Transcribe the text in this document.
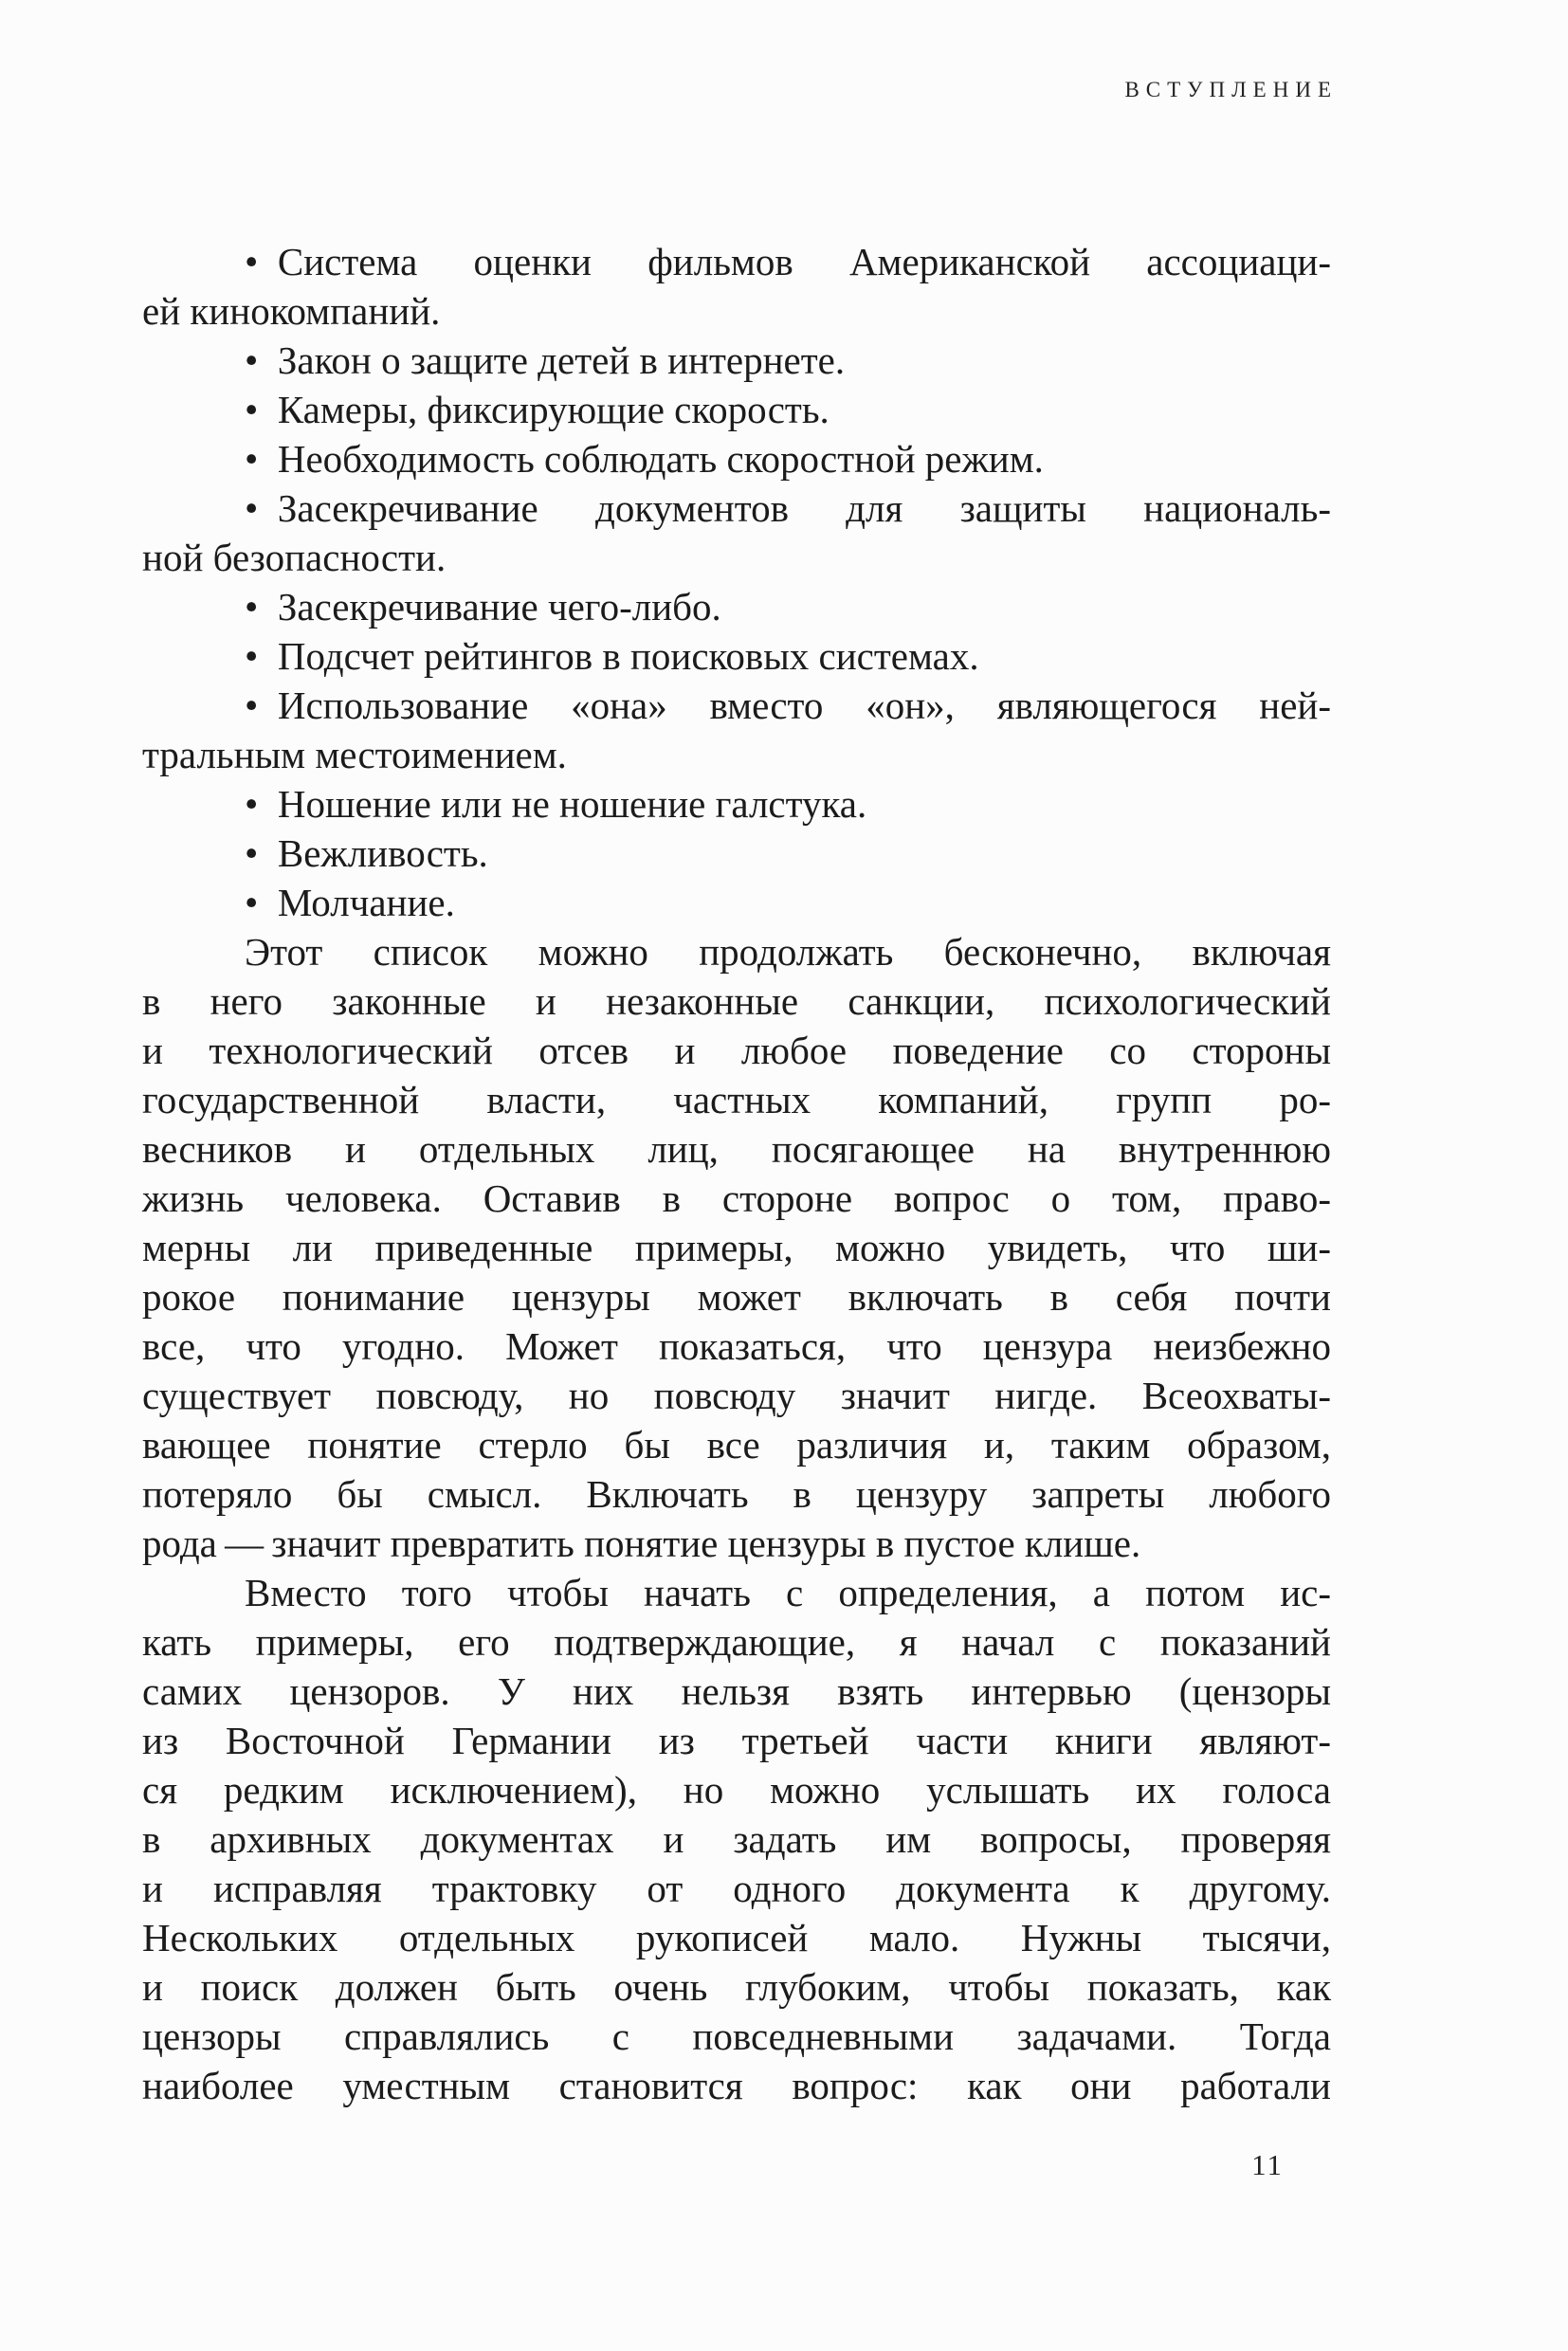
ВСТУПЛЕНИЕ
• Система оценки фильмов Американской ассоциаци-
ей кинокомпаний.
• Закон о защите детей в интернете.
• Камеры, фиксирующие скорость.
• Необходимость соблюдать скоростной режим.
• Засекречивание документов для защиты националь-
ной безопасности.
• Засекречивание чего-либо.
• Подсчет рейтингов в поисковых системах.
• Использование «она» вместо «он», являющегося ней-
тральным местоимением.
• Ношение или не ношение галстука.
• Вежливость.
• Молчание.
Этот список можно продолжать бесконечно, включая
в него законные и незаконные санкции, психологический
и технологический отсев и любое поведение со стороны
государственной власти, частных компаний, групп ро-
весников и отдельных лиц, посягающее на внутреннюю
жизнь человека. Оставив в стороне вопрос о том, право-
мерны ли приведенные примеры, можно увидеть, что ши-
рокое понимание цензуры может включать в себя почти
все, что угодно. Может показаться, что цензура неизбежно
существует повсюду, но повсюду значит нигде. Всеохваты-
вающее понятие стерло бы все различия и, таким образом,
потеряло бы смысл. Включать в цензуру запреты любого
рода — значит превратить понятие цензуры в пустое клише.
Вместо того чтобы начать с определения, а потом ис-
кать примеры, его подтверждающие, я начал с показаний
самих цензоров. У них нельзя взять интервью (цензоры
из Восточной Германии из третьей части книги являют-
ся редким исключением), но можно услышать их голоса
в архивных документах и задать им вопросы, проверяя
и исправляя трактовку от одного документа к другому.
Нескольких отдельных рукописей мало. Нужны тысячи,
и поиск должен быть очень глубоким, чтобы показать, как
цензоры справлялись с повседневными задачами. Тогда
наиболее уместным становится вопрос: как они работали
11
